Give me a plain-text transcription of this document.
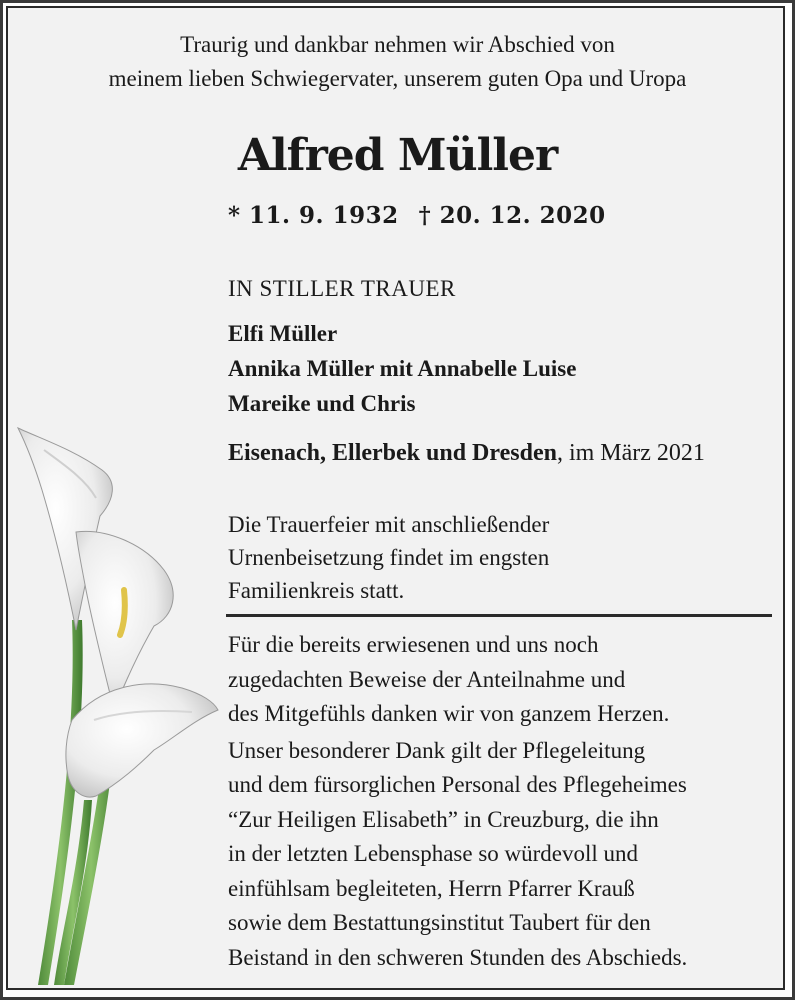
Traurig und dankbar nehmen wir Abschied von
meinem lieben Schwiegervater, unserem guten Opa und Uropa
Alfred Müller
* 11. 9. 1932 † 20. 12. 2020
IN STILLER TRAUER
Elfi Müller
Annika Müller mit Annabelle Luise
Mareike und Chris
Eisenach, Ellerbek und Dresden, im März 2021
Die Trauerfeier mit anschließender
Urnenbeisetzung findet im engsten
Familienkreis statt.

Für die bereits erwiesenen und uns noch
zugedachten Beweise der Anteilnahme und
des Mitgefühls danken wir von ganzem Herzen.

Unser besonderer Dank gilt der Pflegeleitung
und dem fürsorglichen Personal des Pflegeheimes
“Zur Heiligen Elisabeth” in Creuzburg, die ihn
in der letzten Lebensphase so würdevoll und
einfühlsam begleiteten, Herrn Pfarrer Krauß
sowie dem Bestattungsinstitut Taubert für den
Beistand in den schweren Stunden des Abschieds.
